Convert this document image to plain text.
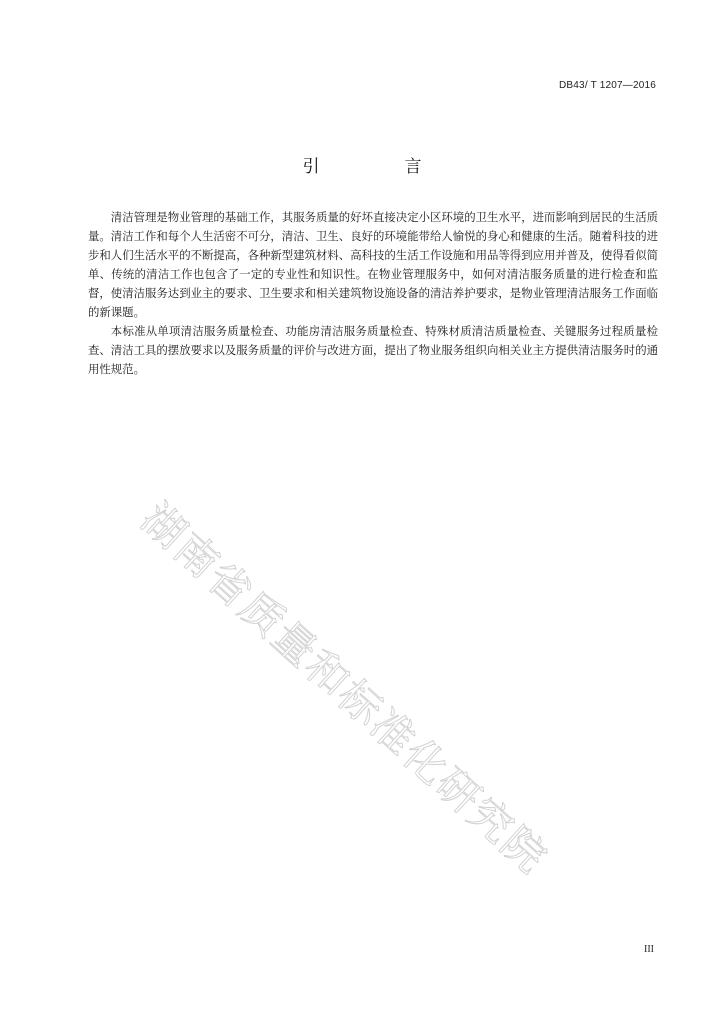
DB43/ T 1207—2016
引　言

清洁管理是物业管理的基础工作，其服务质量的好坏直接决定小区环境的卫生水平，进而影响到居民的生活质量。清洁工作和每个人生活密不可分，清洁、卫生、良好的环境能带给人愉悦的身心和健康的生活。随着科技的进步和人们生活水平的不断提高，各种新型建筑材料、高科技的生活工作设施和用品等得到应用并普及，使得看似简单、传统的清洁工作也包含了一定的专业性和知识性。在物业管理服务中，如何对清洁服务质量的进行检查和监督，使清洁服务达到业主的要求、卫生要求和相关建筑物设施设备的清洁养护要求，是物业管理清洁服务工作面临的新课题。

本标准从单项清洁服务质量检查、功能房清洁服务质量检查、特殊材质清洁质量检查、关键服务过程质量检查、清洁工具的摆放要求以及服务质量的评价与改进方面，提出了物业服务组织向相关业主方提供清洁服务时的通用性规范。

湖南省质量和标准化研究院
III
